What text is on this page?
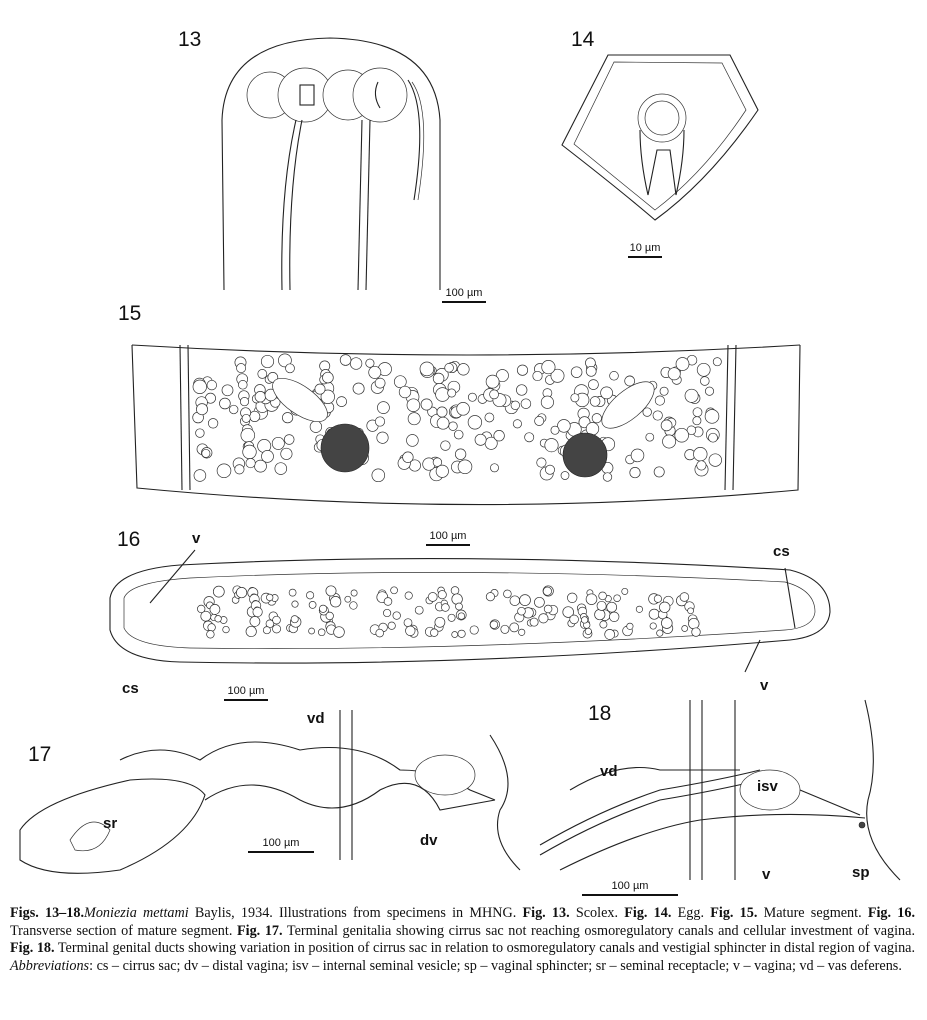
13	14
15
16
17
18
100 µm
10 µm
100 µm
100 µm
100 µm
100 µm
v
cs
cs	v
vd
sr
dv
vd
isv
v	sp
Figs. 13–18.Moniezia mettami Baylis, 1934. Illustrations from specimens in MHNG. Fig. 13. Scolex. Fig. 14. Egg. Fig. 15. Mature segment. Fig. 16. Transverse section of mature segment. Fig. 17. Terminal genitalia showing cirrus sac not reaching osmoregulatory canals and cellular investment of vagina. Fig. 18. Terminal genital ducts showing variation in position of cirrus sac in relation to osmoregulatory canals and vestigial sphincter in distal region of vagina. Abbreviations: cs – cirrus sac; dv – distal vagina; isv – internal seminal vesicle; sp – vaginal sphincter; sr – seminal receptacle; v – vagina; vd – vas deferens.
